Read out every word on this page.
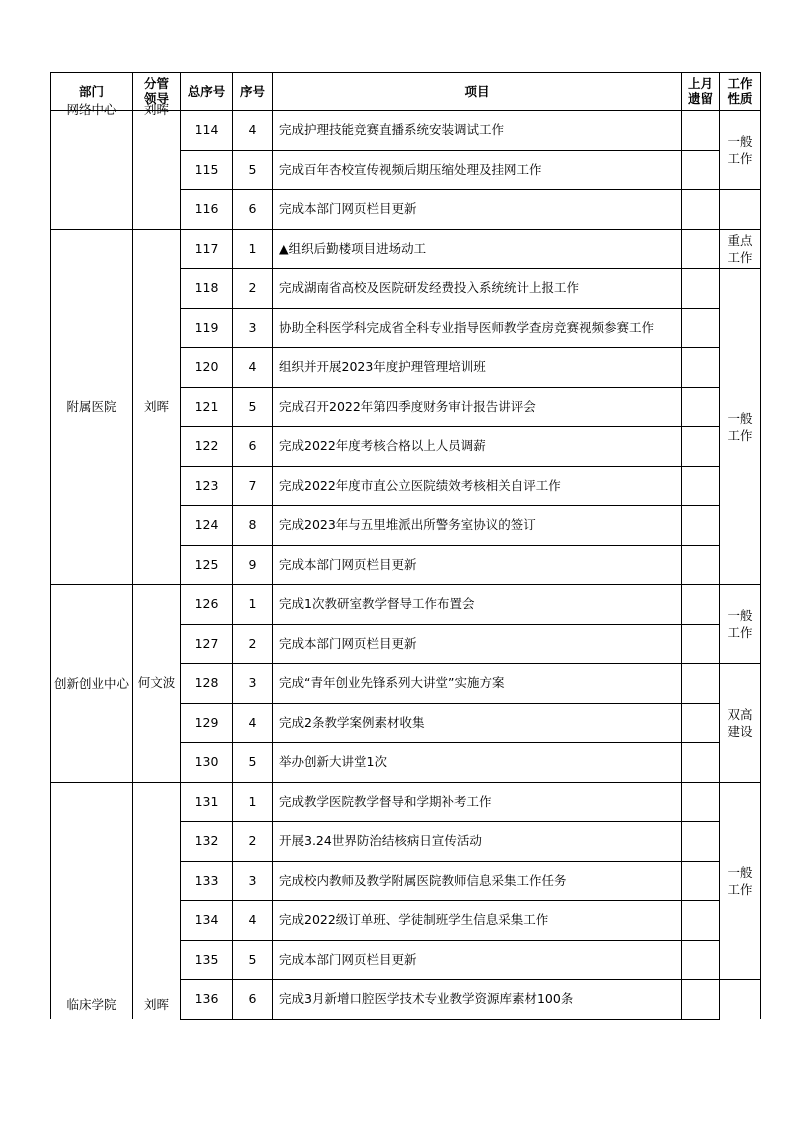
部门	分管领导	总序号	序号	项目	上月遗留	工作性质

网络中心	刘晖	114	4	完成护理技能竞赛直播系统安装调试工作		一般工作
		115	5	完成百年杏校宣传视频后期压缩处理及挂网工作		
		116	6	完成本部门网页栏目更新		
附属医院	刘晖	117	1	▲组织后勤楼项目进场动工		重点工作
		118	2	完成湖南省高校及医院研发经费投入系统统计上报工作		一般工作
		119	3	协助全科医学科完成省全科专业指导医师教学查房竞赛视频参赛工作		
		120	4	组织并开展2023年度护理管理培训班		
		121	5	完成召开2022年第四季度财务审计报告讲评会		
		122	6	完成2022年度考核合格以上人员调薪		
		123	7	完成2022年度市直公立医院绩效考核相关自评工作		
		124	8	完成2023年与五里堆派出所警务室协议的签订		
		125	9	完成本部门网页栏目更新		
创新创业中心	何文波	126	1	完成1次教研室教学督导工作布置会		一般工作
		127	2	完成本部门网页栏目更新		
		128	3	完成“青年创业先锋系列大讲堂”实施方案		双高建设
		129	4	完成2条教学案例素材收集		
		130	5	举办创新大讲堂1次		
临床学院	刘晖	131	1	完成教学医院教学督导和学期补考工作		一般工作
		132	2	开展3.24世界防治结核病日宣传活动		
		133	3	完成校内教师及教学附属医院教师信息采集工作任务		
		134	4	完成2022级订单班、学徒制班学生信息采集工作		
		135	5	完成本部门网页栏目更新		
		136	6	完成3月新增口腔医学技术专业教学资源库素材100条		
